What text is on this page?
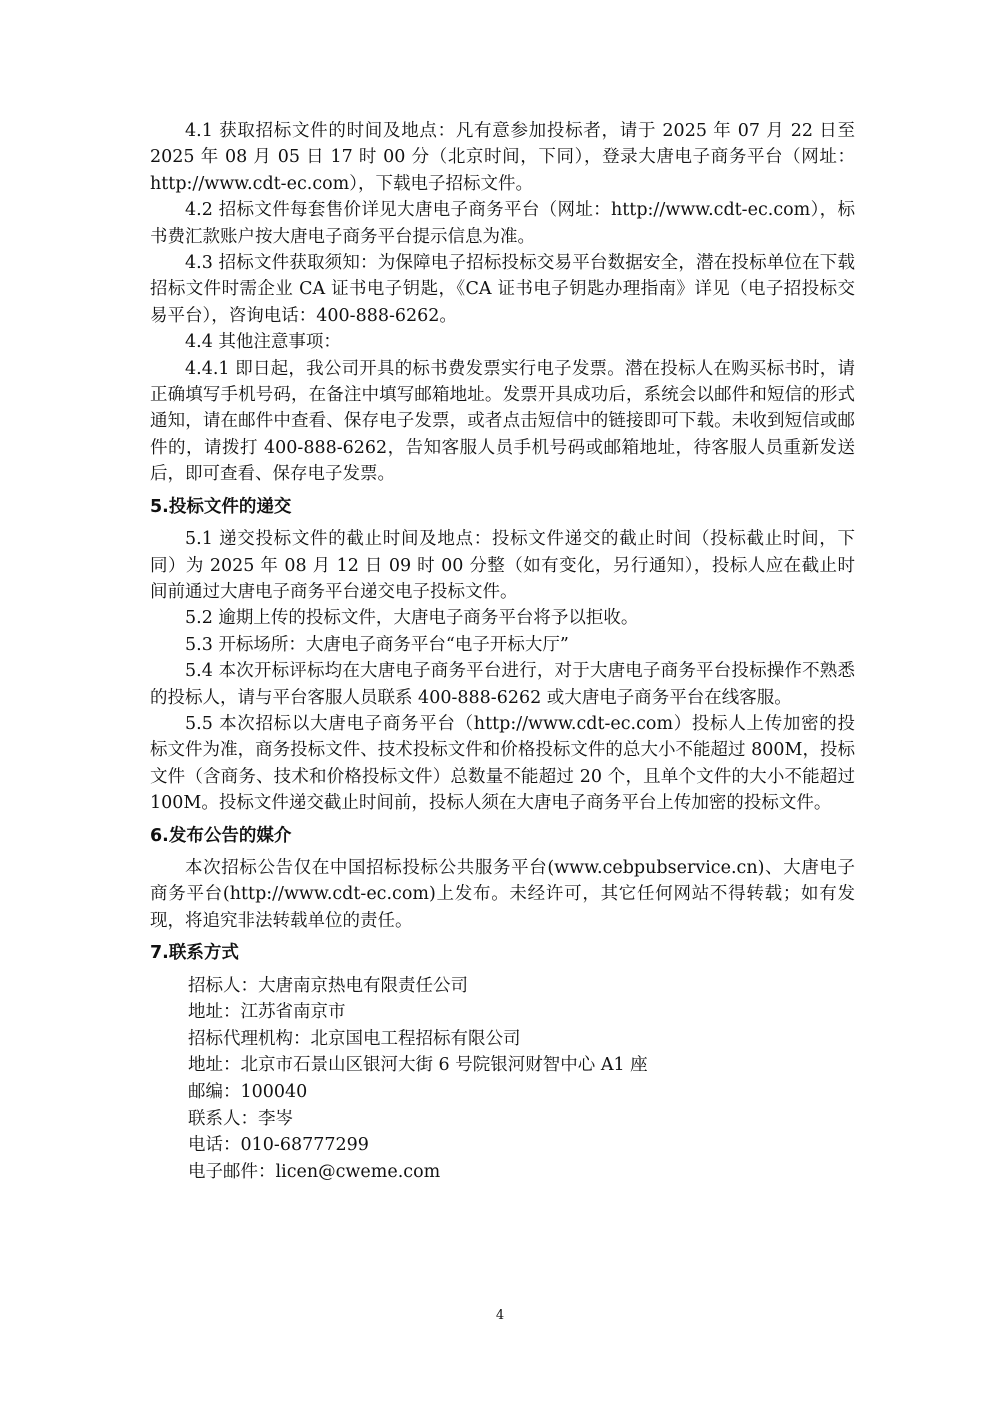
4.1 获取招标文件的时间及地点：凡有意参加投标者，请于 2025 年 07 月 22 日至 2025 年 08 月 05 日 17 时 00 分（北京时间，下同），登录大唐电子商务平台（网址：http://www.cdt-ec.com），下载电子招标文件。

4.2 招标文件每套售价详见大唐电子商务平台（网址：http://www.cdt-ec.com），标书费汇款账户按大唐电子商务平台提示信息为准。

4.3 招标文件获取须知：为保障电子招标投标交易平台数据安全，潜在投标单位在下载招标文件时需企业 CA 证书电子钥匙，《CA 证书电子钥匙办理指南》详见（电子招投标交易平台），咨询电话：400-888-6262。

4.4 其他注意事项：

4.4.1 即日起，我公司开具的标书费发票实行电子发票。潜在投标人在购买标书时，请正确填写手机号码，在备注中填写邮箱地址。发票开具成功后，系统会以邮件和短信的形式通知，请在邮件中查看、保存电子发票，或者点击短信中的链接即可下载。未收到短信或邮件的，请拨打 400-888-6262，告知客服人员手机号码或邮箱地址，待客服人员重新发送后，即可查看、保存电子发票。

5.投标文件的递交

5.1 递交投标文件的截止时间及地点：投标文件递交的截止时间（投标截止时间，下同）为 2025 年 08 月 12 日 09 时 00 分整（如有变化，另行通知），投标人应在截止时间前通过大唐电子商务平台递交电子投标文件。

5.2 逾期上传的投标文件，大唐电子商务平台将予以拒收。

5.3 开标场所：大唐电子商务平台“电子开标大厅”

5.4 本次开标评标均在大唐电子商务平台进行，对于大唐电子商务平台投标操作不熟悉的投标人，请与平台客服人员联系 400-888-6262 或大唐电子商务平台在线客服。

5.5 本次招标以大唐电子商务平台（http://www.cdt-ec.com）投标人上传加密的投标文件为准，商务投标文件、技术投标文件和价格投标文件的总大小不能超过 800M，投标文件（含商务、技术和价格投标文件）总数量不能超过 20 个，且单个文件的大小不能超过 100M。投标文件递交截止时间前，投标人须在大唐电子商务平台上传加密的投标文件。

6.发布公告的媒介

本次招标公告仅在中国招标投标公共服务平台(www.cebpubservice.cn)、大唐电子商务平台(http://www.cdt-ec.com)上发布。未经许可，其它任何网站不得转载；如有发现，将追究非法转载单位的责任。

7.联系方式
招标人：大唐南京热电有限责任公司
地址：江苏省南京市
招标代理机构：北京国电工程招标有限公司
地址：北京市石景山区银河大街 6 号院银河财智中心 A1 座
邮编：100040
联系人：李岑
电话：010-68777299
电子邮件：licen@cweme.com
4
